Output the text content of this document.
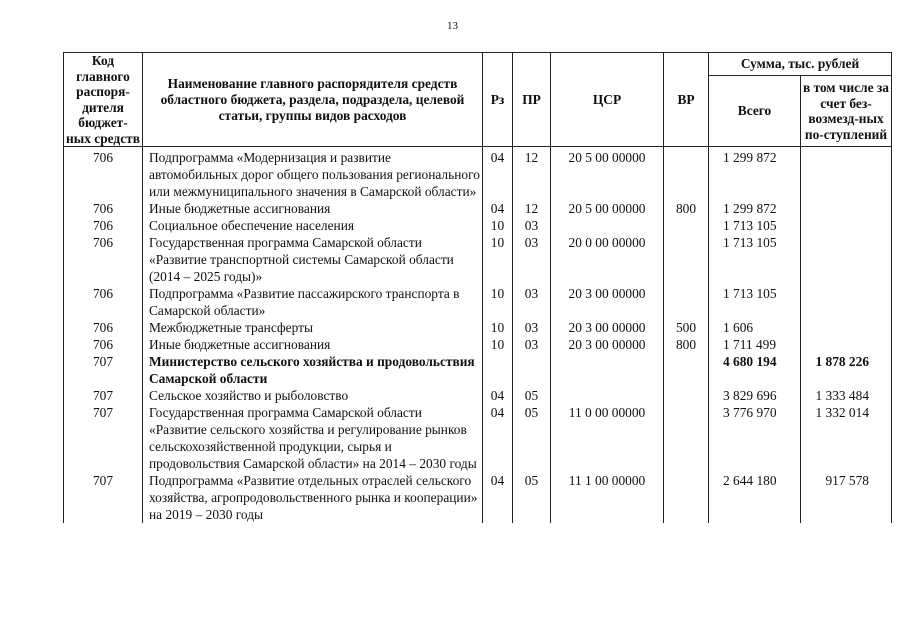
13
Код главного распоря-дителя бюджет-ных средств	Наименование главного распорядителя средств областного бюджета, раздела, подраздела, целевой статьи, группы видов расходов	Рз	ПР	ЦСР	ВР	Сумма, тыс. рублей	
						Всего	в том числе за счет без-возмезд-ных по-ступлений
706	Подпрограмма «Модернизация и развитие автомобильных дорог общего пользования регионального или межмуниципального значения в Самарской области»	04	12	20 5 00 00000		1 299 872	
706	Иные бюджетные ассигнования	04	12	20 5 00 00000	800	1 299 872	
706	Социальное обеспечение населения	10	03			1 713 105	
706	Государственная программа Самарской области «Развитие транспортной системы Самарской области (2014 – 2025 годы)»	10	03	20 0 00 00000		1 713 105	
706	Подпрограмма «Развитие пассажирского транспорта в Самарской области»	10	03	20 3 00 00000		1 713 105	
706	Межбюджетные трансферты	10	03	20 3 00 00000	500	1 606	
706	Иные бюджетные ассигнования	10	03	20 3 00 00000	800	1 711 499	
707	Министерство сельского хозяйства и продовольствия Самарской области					4 680 194	1 878 226
707	Сельское хозяйство и рыболовство	04	05			3 829 696	1 333 484
707	Государственная программа Самарской области «Развитие сельского хозяйства и регулирование рынков сельскохозяйственной продукции, сырья и продовольствия Самарской области» на 2014 – 2030 годы	04	05	11 0 00 00000		3 776 970	1 332 014
707	Подпрограмма «Развитие отдельных отраслей сельского хозяйства, агропродовольственного рынка и кооперации» на 2019 – 2030 годы	04	05	11 1 00 00000		2 644 180	917 578
